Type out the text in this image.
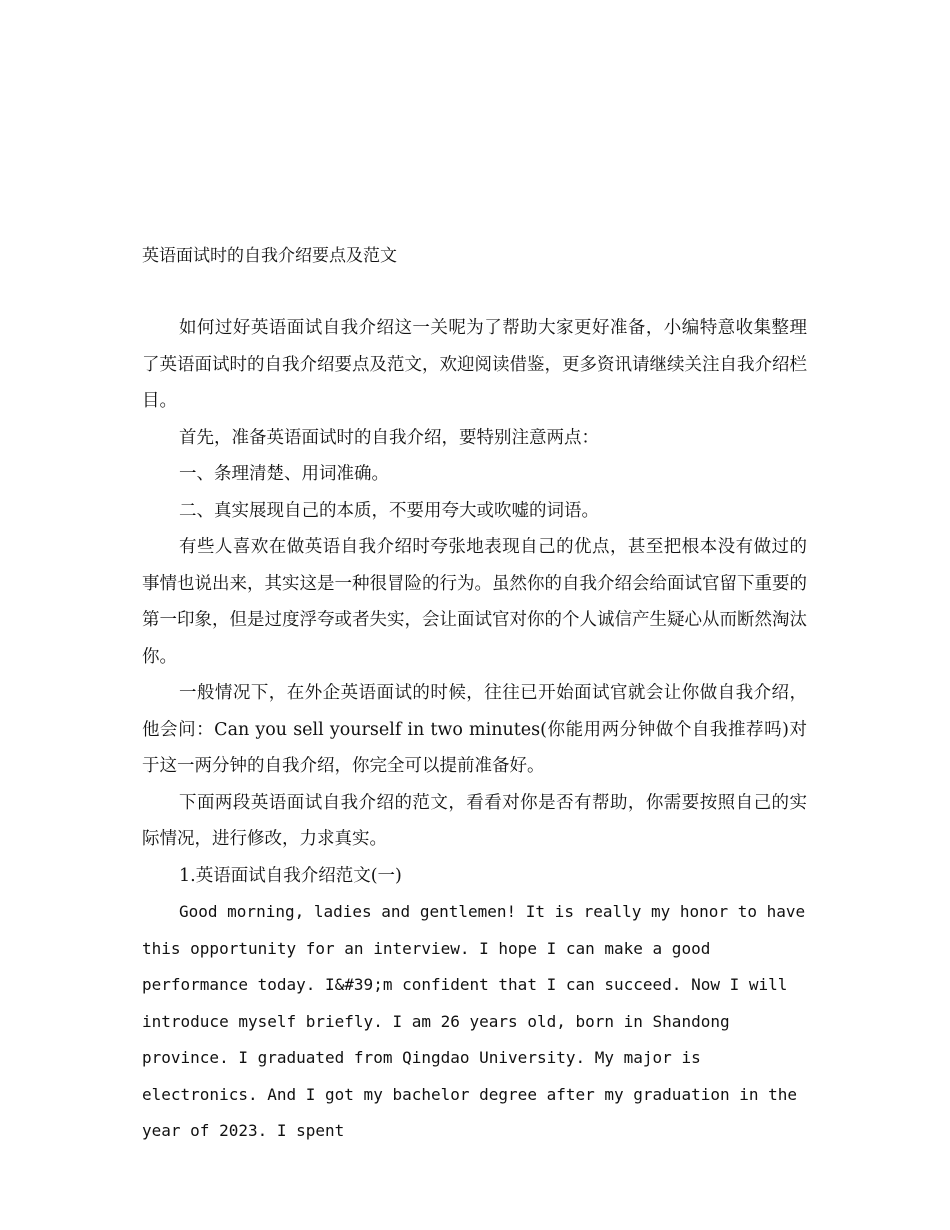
英语面试时的自我介绍要点及范文

如何过好英语面试自我介绍这一关呢为了帮助大家更好准备，小编特意收集整理了英语面试时的自我介绍要点及范文，欢迎阅读借鉴，更多资讯请继续关注自我介绍栏目。

首先，准备英语面试时的自我介绍，要特别注意两点：

一、条理清楚、用词准确。

二、真实展现自己的本质，不要用夸大或吹嘘的词语。

有些人喜欢在做英语自我介绍时夸张地表现自己的优点，甚至把根本没有做过的事情也说出来，其实这是一种很冒险的行为。虽然你的自我介绍会给面试官留下重要的第一印象，但是过度浮夸或者失实，会让面试官对你的个人诚信产生疑心从而断然淘汰你。

一般情况下，在外企英语面试的时候，往往已开始面试官就会让你做自我介绍，他会问：Can you sell yourself in two minutes(你能用两分钟做个自我推荐吗)对于这一两分钟的自我介绍，你完全可以提前准备好。

下面两段英语面试自我介绍的范文，看看对你是否有帮助，你需要按照自己的实际情况，进行修改，力求真实。

1.英语面试自我介绍范文(一)

Good morning, ladies and gentlemen! It is really my honor to have this opportunity for an interview. I hope I can make a good performance today. I&#39;m confident that I can succeed. Now I will introduce myself briefly. I am 26 years old, born in Shandong province. I graduated from Qingdao University. My major is electronics. And I got my bachelor degree after my graduation in the year of 2023. I spent
